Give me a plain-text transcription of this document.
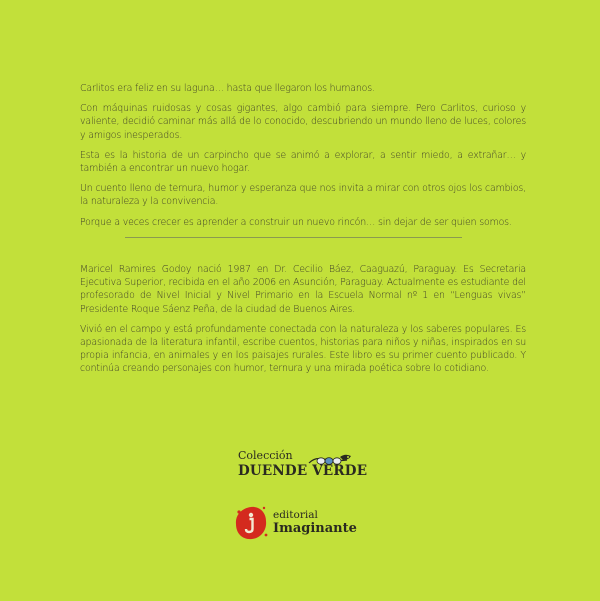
Carlitos era feliz en su laguna… hasta que llegaron los humanos.

Con máquinas ruidosas y cosas gigantes, algo cambió para siempre. Pero Carlitos, curioso y valiente, decidió caminar más allá de lo conocido, descubriendo un mundo lleno de luces, colores y amigos inesperados.

Esta es la historia de un carpincho que se animó a explorar, a sentir miedo, a extrañar… y también a encontrar un nuevo hogar.

Un cuento lleno de ternura, humor y esperanza que nos invita a mirar con otros ojos los cambios, la naturaleza y la convivencia.

Porque a veces crecer es aprender a construir un nuevo rincón… sin dejar de ser quien somos.

Maricel Ramires Godoy nació 1987 en Dr. Cecilio Báez, Caaguazú, Paraguay. Es Secretaria Ejecutiva Superior, recibida en el año 2006 en Asunción, Paraguay. Actualmente es estudiante del profesorado de Nivel Inicial y Nivel Primario en la Escuela Normal nº 1 en “Lenguas vivas” Presidente Roque Sáenz Peña, de la ciudad de Buenos Aires.

Vivió en el campo y está profundamente conectada con la naturaleza y los saberes populares. Es apasionada de la literatura infantil, escribe cuentos, historias para niños y niñas, inspirados en su propia infancia, en animales y en los paisajes rurales. Este libro es su primer cuento publicado. Y continúa creando personajes con humor, ternura y una mirada poética sobre lo cotidiano.

Colección
DUENDE VERDE
editorial
Imaginante
